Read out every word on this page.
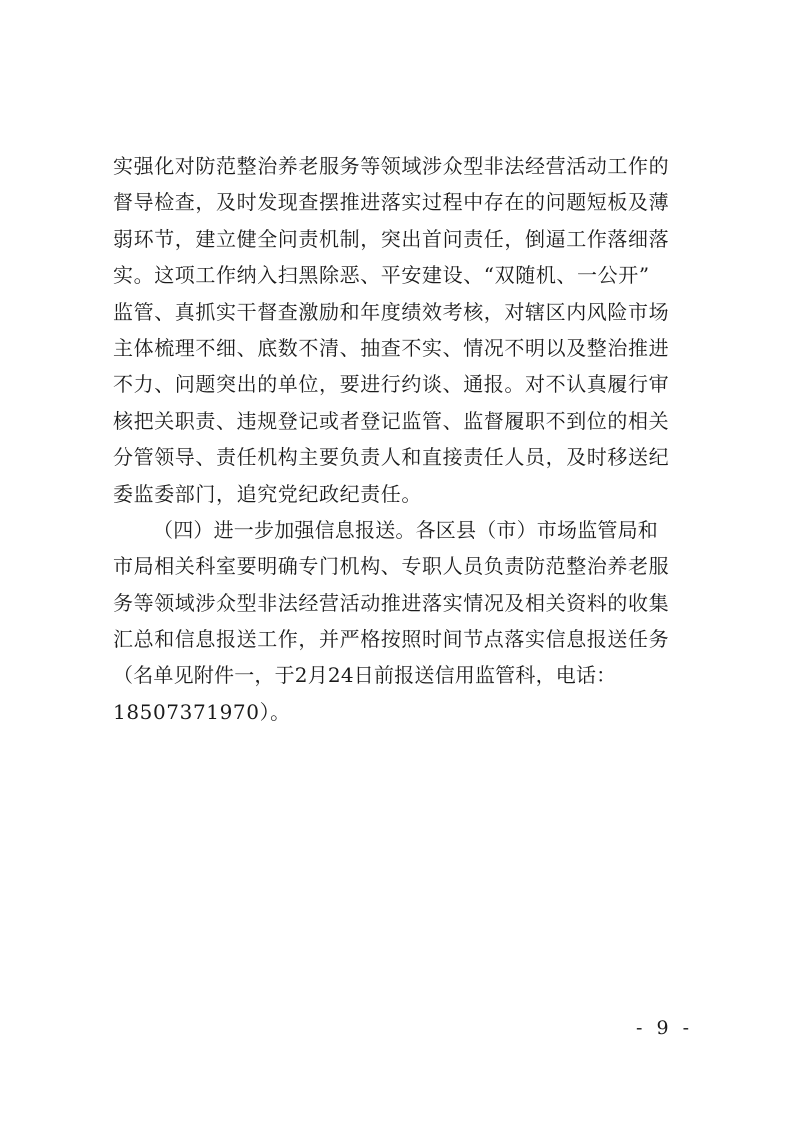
实强化对防范整治养老服务等领域涉众型非法经营活动工作的
督导检查，及时发现查摆推进落实过程中存在的问题短板及薄
弱环节，建立健全问责机制，突出首问责任，倒逼工作落细落
实。这项工作纳入扫黑除恶、平安建设、“双随机、一公开”
监管、真抓实干督查激励和年度绩效考核，对辖区内风险市场
主体梳理不细、底数不清、抽查不实、情况不明以及整治推进
不力、问题突出的单位，要进行约谈、通报。对不认真履行审
核把关职责、违规登记或者登记监管、监督履职不到位的相关
分管领导、责任机构主要负责人和直接责任人员，及时移送纪
委监委部门，追究党纪政纪责任。
（四）进一步加强信息报送。各区县（市）市场监管局和
市局相关科室要明确专门机构、专职人员负责防范整治养老服
务等领域涉众型非法经营活动推进落实情况及相关资料的收集
汇总和信息报送工作，并严格按照时间节点落实信息报送任务
（名单见附件一，于2月24日前报送信用监管科，电话：
18507371970）。
- 9 -
